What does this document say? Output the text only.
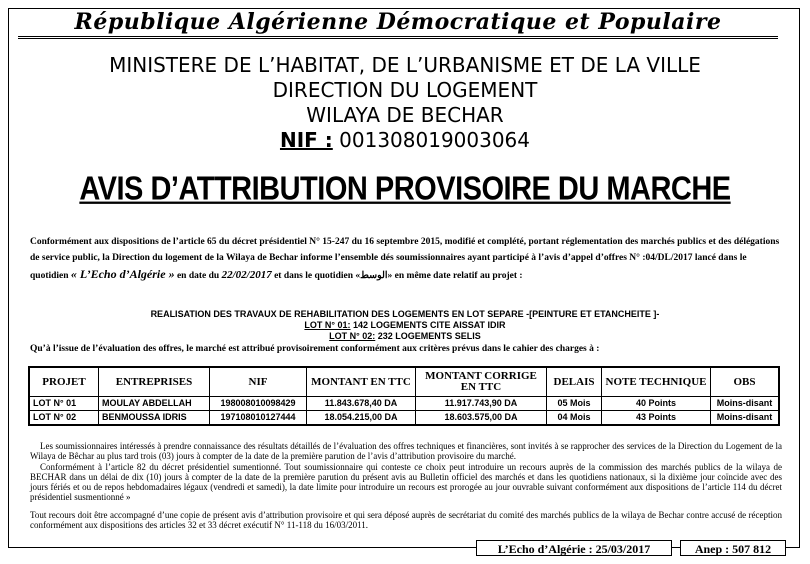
République Algérienne Démocratique et Populaire
MINISTERE DE L’HABITAT, DE L’URBANISME ET DE LA VILLE
DIRECTION DU LOGEMENT
WILAYA DE BECHAR
NIF : 001308019003064
AVIS D’ATTRIBUTION PROVISOIRE DU MARCHE
Conformément aux dispositions de l’article 65 du décret présidentiel N° 15-247 du 16 septembre 2015, modifié et complété, portant réglementation des marchés publics et des délégations de service public, la Direction du logement de la Wilaya de Bechar informe l’ensemble dés soumissionnaires ayant participé à l’avis d’appel d’offres N° :04/DL/2017 lancé dans le quotidien « L’Echo d’Algérie » en date du 22/02/2017 et dans le quotidien «الوسط» en même date relatif au projet :
REALISATION DES TRAVAUX DE REHABILITATION DES LOGEMENTS EN LOT SEPARE -[PEINTURE ET ETANCHEITE ]-
LOT N° 01: 142 LOGEMENTS CITE AISSAT IDIR
LOT N° 02: 232 LOGEMENTS SELIS
Qu’à l’issue de l’évaluation des offres, le marché est attribué provisoirement conformément aux critères prévus dans le cahier des charges à :
PROJET	ENTREPRISES	NIF	MONTANT EN TTC	MONTANT CORRIGE EN TTC	DELAIS	NOTE TECHNIQUE	OBS
LOT N° 01	MOULAY ABDELLAH	198008010098429	11.843.678,40 DA	11.917.743,90 DA	05 Mois	40 Points	Moins-disant
LOT N° 02	BENMOUSSA IDRIS	197108010127444	18.054.215,00 DA	18.603.575,00 DA	04 Mois	43 Points	Moins-disant
Les soumissionnaires intéressés à prendre connaissance des résultats détaillés de l’évaluation des offres techniques et financières, sont invités à se rapprocher des services de la Direction du Logement de la Wilaya de Bêchar au plus tard trois (03) jours à compter de la date de la première parution de l’avis d’attribution provisoire du marché.
Conformément à l’article 82 du décret présidentiel sumentionné. Tout soumissionnaire qui conteste ce choix peut introduire un recours auprès de la commission des marchés publics de la wilaya de BECHAR dans un délai de dix (10) jours à compter de la date de la première parution du présent avis au Bulletin officiel des marchés et dans les quotidiens nationaux, si la dixième jour coïncide avec des jours fériés et ou de repos hebdomadaires légaux (vendredi et samedi), la date limite pour introduire un recours est prorogée au jour ouvrable suivant conformément aux dispositions de l’article 114 du décret présidentiel susmentionné »
Tout recours doit être accompagné d’une copie de présent avis d’attribution provisoire et qui sera déposé auprès de secrétariat du comité des marchés publics de la wilaya de Bechar contre accusé de réception conformément aux dispositions des articles 32 et 33 décret exécutif N° 11-118 du 16/03/2011.
L’Echo d’Algérie : 25/03/2017	Anep : 507 812
